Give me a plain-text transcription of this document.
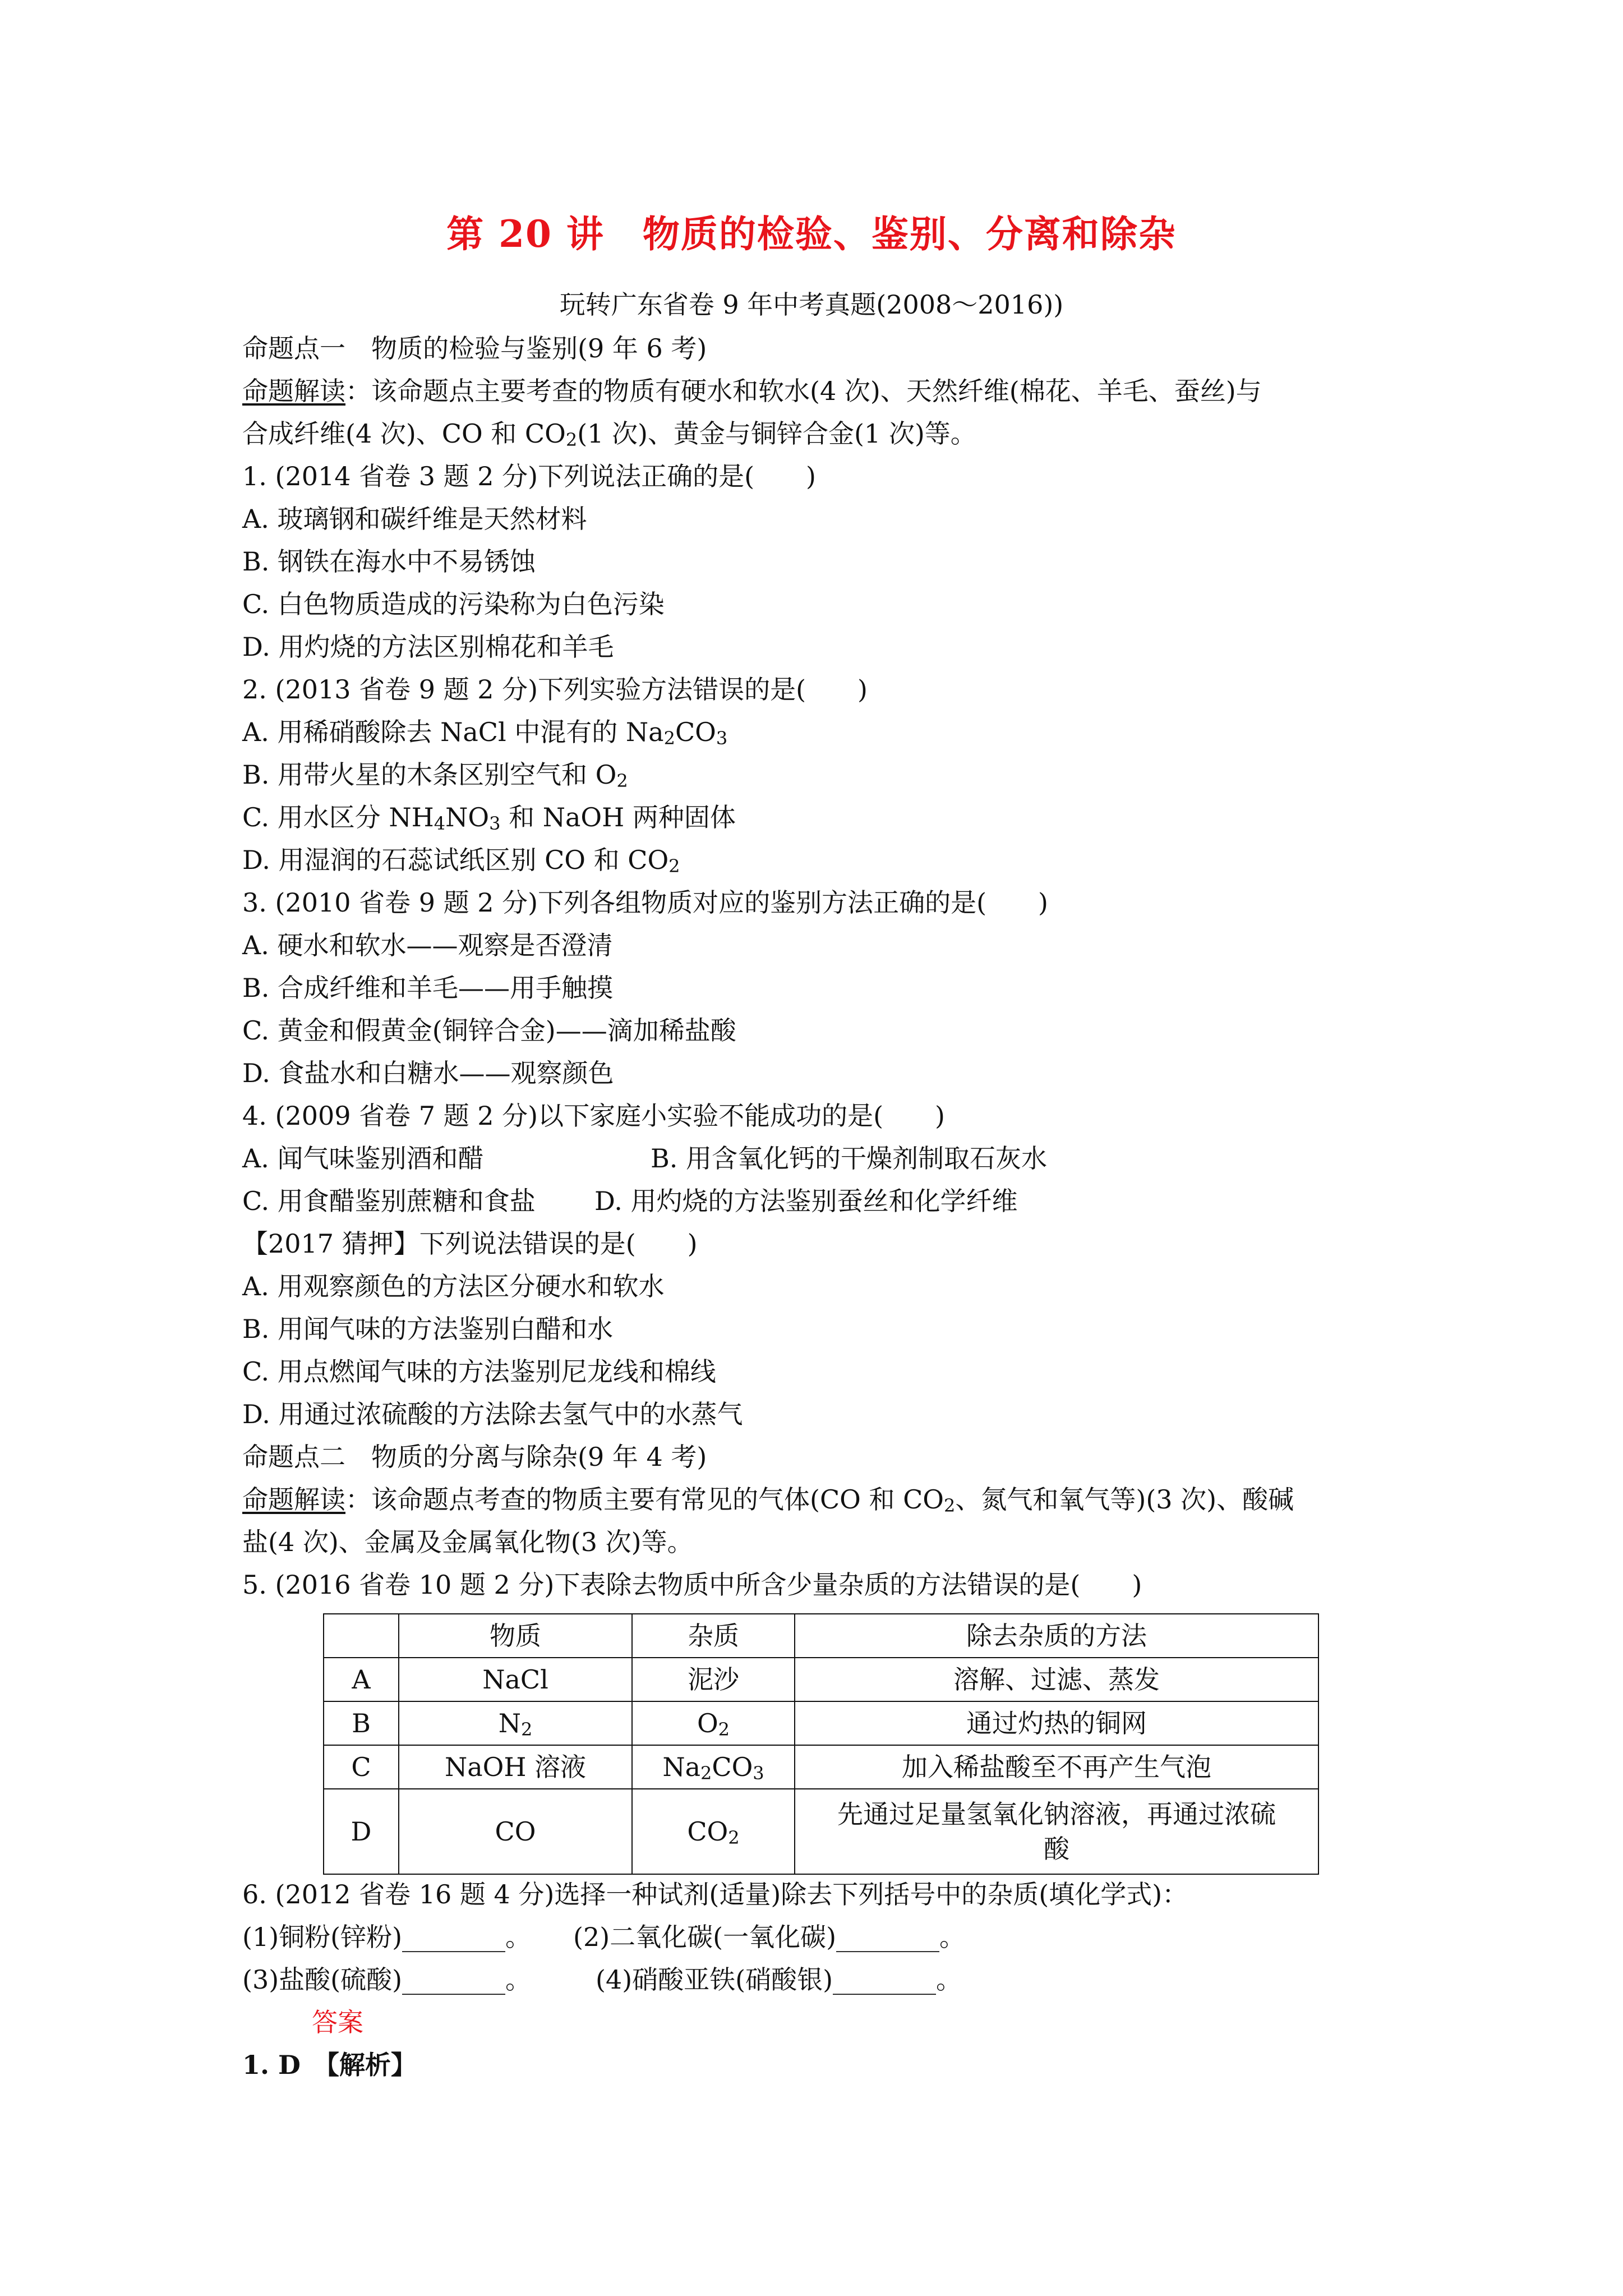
第 20 讲　物质的检验、鉴别、分离和除杂
玩转广东省卷 9 年中考真题(2008～2016))
命题点一　物质的检验与鉴别(9 年 6 考)
命题解读：该命题点主要考查的物质有硬水和软水(4 次)、天然纤维(棉花、羊毛、蚕丝)与
合成纤维(4 次)、CO 和 $CO_2(1$ 次)、黄金与铜锌合金(1 次)等。
1. (2014 省卷 3 题 2 分)下列说法正确的是(　　)
A. 玻璃钢和碳纤维是天然材料
B. 钢铁在海水中不易锈蚀
C. 白色物质造成的污染称为白色污染
D. 用灼烧的方法区别棉花和羊毛
2. (2013 省卷 9 题 2 分)下列实验方法错误的是(　　)
A. 用稀硝酸除去 NaCl 中混有的 $Na_2CO_3$
B. 用带火星的木条区别空气和 $O_2$
C. 用水区分 $NH_4NO_3$ 和 NaOH 两种固体
D. 用湿润的石蕊试纸区别 CO 和 $CO_2$
3. (2010 省卷 9 题 2 分)下列各组物质对应的鉴别方法正确的是(　　)
A. 硬水和软水——观察是否澄清
B. 合成纤维和羊毛——用手触摸
C. 黄金和假黄金(铜锌合金)——滴加稀盐酸
D. 食盐水和白糖水——观察颜色
4. (2009 省卷 7 题 2 分)以下家庭小实验不能成功的是(　　)
A. 闻气味鉴别酒和醋	B. 用含氧化钙的干燥剂制取石灰水
C. 用食醋鉴别蔗糖和食盐 D. 用灼烧的方法鉴别蚕丝和化学纤维
【2017 猜押】下列说法错误的是(　　)
A. 用观察颜色的方法区分硬水和软水
B. 用闻气味的方法鉴别白醋和水
C. 用点燃闻气味的方法鉴别尼龙线和棉线
D. 用通过浓硫酸的方法除去氢气中的水蒸气
命题点二　物质的分离与除杂(9 年 4 考)
命题解读：该命题点考查的物质主要有常见的气体(CO 和 $CO_2$、氮气和氧气等)(3 次)、酸碱
盐(4 次)、金属及金属氧化物(3 次)等。
5. (2016 省卷 10 题 2 分)下表除去物质中所含少量杂质的方法错误的是(　　)
	物质	杂质	除去杂质的方法
A	NaCl	泥沙	溶解、过滤、蒸发
B	$N_2$	$O_2$	通过灼热的铜网
C	NaOH 溶液	$Na_2CO_3$	加入稀盐酸至不再产生气泡
D	CO	$CO_2$	先通过足量氢氧化钠溶液，再通过浓硫
酸
6. (2012 省卷 16 题 4 分)选择一种试剂(适量)除去下列括号中的杂质(填化学式)：
(1)铜粉(锌粉)________。 (2)二氧化碳(一氧化碳)________。
(3)盐酸(硫酸)________。 (4)硝酸亚铁(硝酸银)________。
答案
1. D　【解析】
